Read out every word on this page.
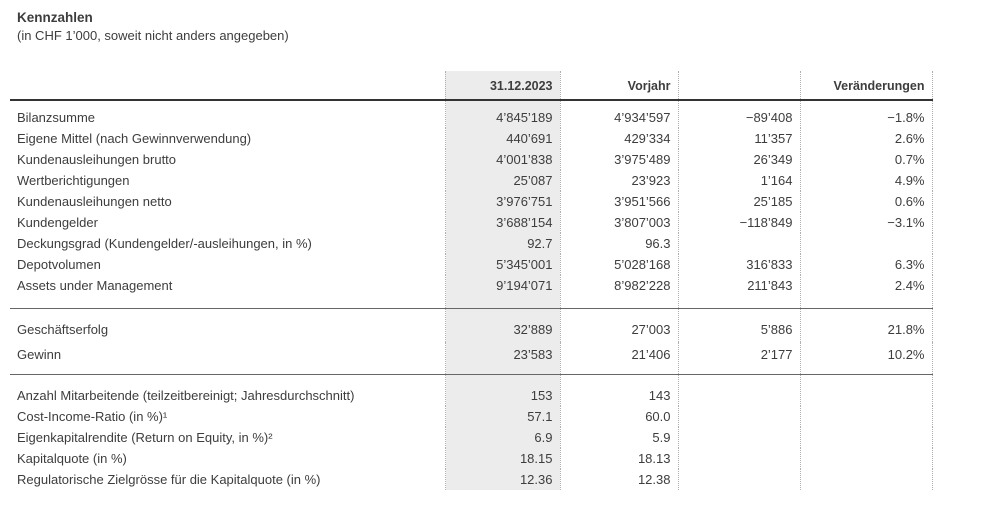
Kennzahlen
(in CHF 1’000, soweit nicht anders angegeben)
	31.12.2023	Vorjahr		Veränderungen
Bilanzsumme	4’845’189	4’934’597	−89’408	−1.8%
Eigene Mittel (nach Gewinnverwendung)	440’691	429’334	11’357	2.6%
Kundenausleihungen brutto	4’001’838	3’975’489	26’349	0.7%
Wertberichtigungen	25’087	23’923	1’164	4.9%
Kundenausleihungen netto	3’976’751	3’951’566	25’185	0.6%
Kundengelder	3’688’154	3’807’003	−118’849	−3.1%
Deckungsgrad (Kundengelder/-ausleihungen, in %)	92.7	96.3		
Depotvolumen	5’345’001	5’028’168	316’833	6.3%
Assets under Management	9’194’071	8’982’228	211’843	2.4%
Geschäftserfolg	32’889	27’003	5’886	21.8%
Gewinn	23’583	21’406	2’177	10.2%
Anzahl Mitarbeitende (teilzeitbereinigt; Jahresdurchschnitt)	153	143		
Cost-Income-Ratio (in %)¹	57.1	60.0		
Eigenkapitalrendite (Return on Equity, in %)²	6.9	5.9		
Kapitalquote (in %)	18.15	18.13		
Regulatorische Zielgrösse für die Kapitalquote (in %)	12.36	12.38		
